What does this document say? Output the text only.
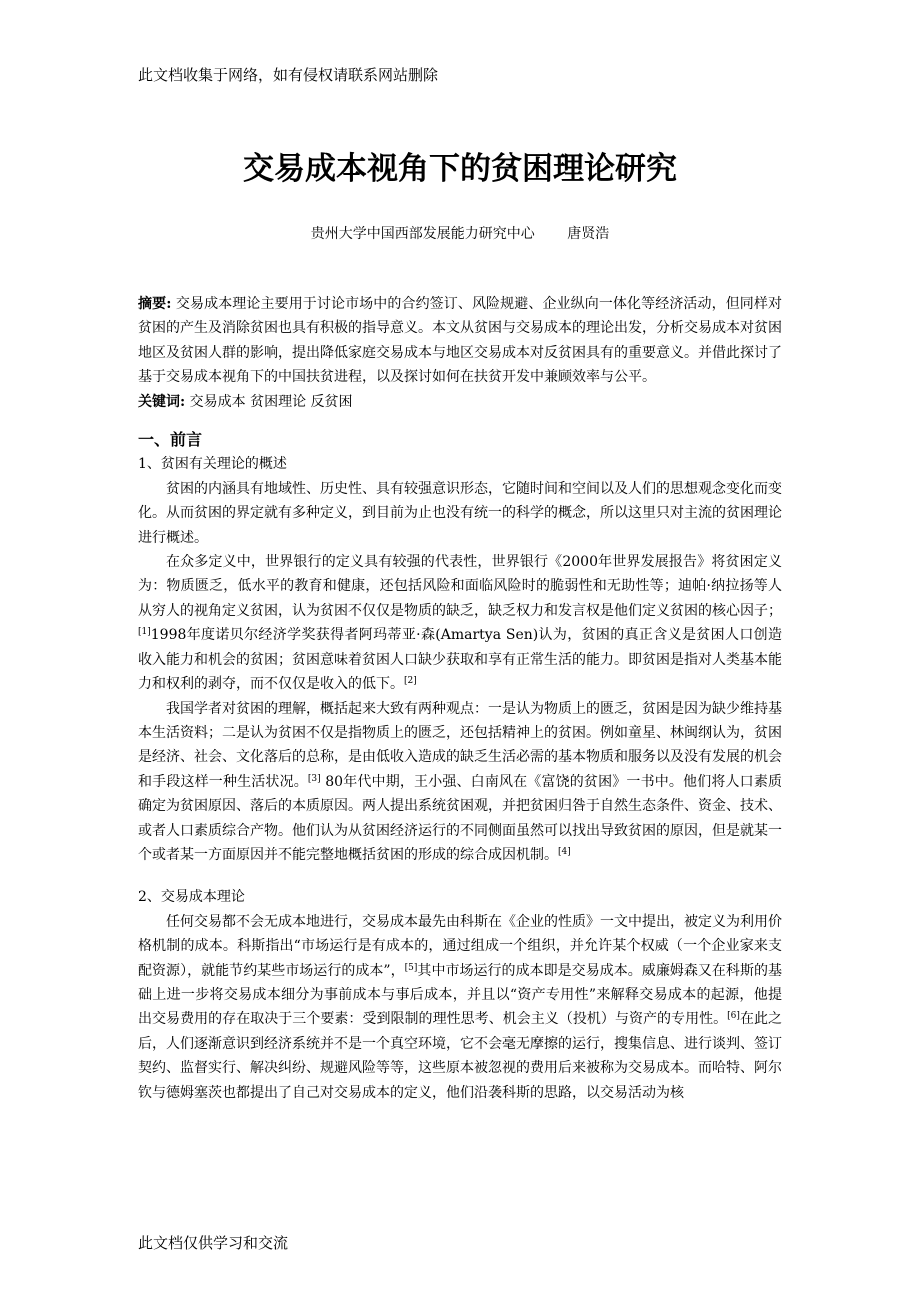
此文档收集于网络，如有侵权请联系网站删除
交易成本视角下的贫困理论研究
贵州大学中国西部发展能力研究中心 唐贤浩

摘要: 交易成本理论主要用于讨论市场中的合约签订、风险规避、企业纵向一体化等经济活动，但同样对贫困的产生及消除贫困也具有积极的指导意义。本文从贫困与交易成本的理论出发，分析交易成本对贫困地区及贫困人群的影响，提出降低家庭交易成本与地区交易成本对反贫困具有的重要意义。并借此探讨了基于交易成本视角下的中国扶贫进程，以及探讨如何在扶贫开发中兼顾效率与公平。

关键词: 交易成本 贫困理论 反贫困

一、前言

1、贫困有关理论的概述

贫困的内涵具有地域性、历史性、具有较强意识形态，它随时间和空间以及人们的思想观念变化而变化。从而贫困的界定就有多种定义，到目前为止也没有统一的科学的概念，所以这里只对主流的贫困理论进行概述。

在众多定义中，世界银行的定义具有较强的代表性，世界银行《2000年世界发展报告》将贫困定义为：物质匮乏，低水平的教育和健康，还包括风险和面临风险时的脆弱性和无助性等；迪帕·纳拉扬等人从穷人的视角定义贫困，认为贫困不仅仅是物质的缺乏，缺乏权力和发言权是他们定义贫困的核心因子；[1]1998年度诺贝尔经济学奖获得者阿玛蒂亚·森(Amartya Sen)认为，贫困的真正含义是贫困人口创造收入能力和机会的贫困；贫困意味着贫困人口缺少获取和享有正常生活的能力。即贫困是指对人类基本能力和权利的剥夺，而不仅仅是收入的低下。[2]

我国学者对贫困的理解，概括起来大致有两种观点：一是认为物质上的匮乏，贫困是因为缺少维持基本生活资料；二是认为贫困不仅是指物质上的匮乏，还包括精神上的贫困。例如童星、林闽纲认为，贫困是经济、社会、文化落后的总称，是由低收入造成的缺乏生活必需的基本物质和服务以及没有发展的机会和手段这样一种生活状况。[3] 80年代中期，王小强、白南风在《富饶的贫困》一书中。他们将人口素质确定为贫困原因、落后的本质原因。两人提出系统贫困观，并把贫困归咎于自然生态条件、资金、技术、或者人口素质综合产物。他们认为从贫困经济运行的不同侧面虽然可以找出导致贫困的原因，但是就某一个或者某一方面原因并不能完整地概括贫困的形成的综合成因机制。[4]

2、交易成本理论

任何交易都不会无成本地进行，交易成本最先由科斯在《企业的性质》一文中提出，被定义为利用价格机制的成本。科斯指出“市场运行是有成本的，通过组成一个组织，并允许某个权威（一个企业家来支配资源），就能节约某些市场运行的成本”，[5]其中市场运行的成本即是交易成本。威廉姆森又在科斯的基础上进一步将交易成本细分为事前成本与事后成本，并且以“资产专用性”来解释交易成本的起源，他提出交易费用的存在取决于三个要素：受到限制的理性思考、机会主义（投机）与资产的专用性。[6]在此之后，人们逐渐意识到经济系统并不是一个真空环境，它不会毫无摩擦的运行，搜集信息、进行谈判、签订契约、监督实行、解决纠纷、规避风险等等，这些原本被忽视的费用后来被称为交易成本。而哈特、阿尔钦与德姆塞茨也都提出了自己对交易成本的定义，他们沿袭科斯的思路，以交易活动为核

此文档仅供学习和交流
